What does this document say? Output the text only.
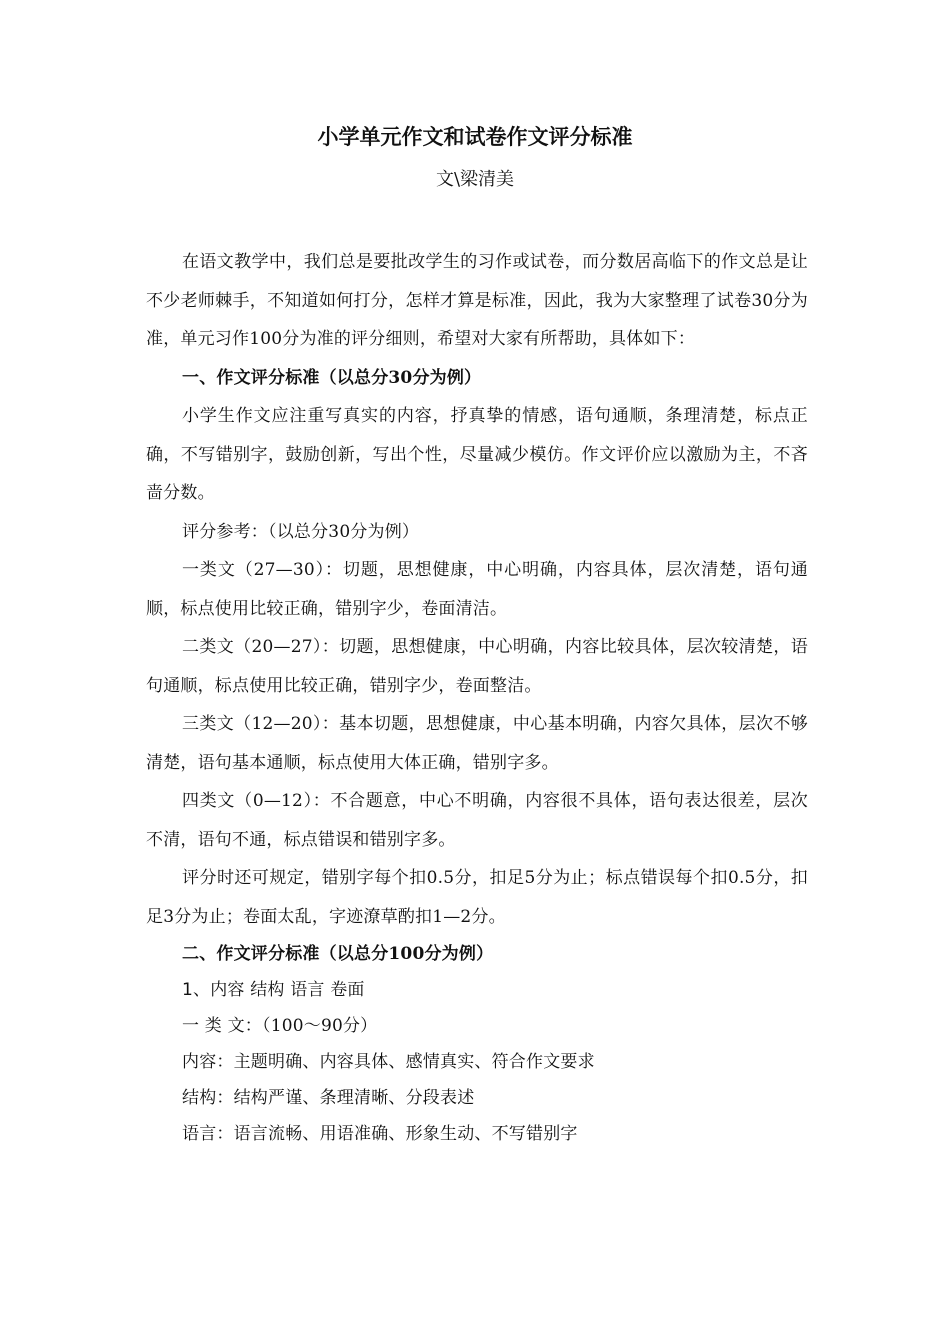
小学单元作文和试卷作文评分标准
文\梁清美

在语文教学中，我们总是要批改学生的习作或试卷，而分数居高临下的作文总是让不少老师棘手，不知道如何打分，怎样才算是标准，因此，我为大家整理了试卷30分为准，单元习作100分为准的评分细则，希望对大家有所帮助，具体如下：

一、作文评分标准（以总分30分为例）

小学生作文应注重写真实的内容，抒真挚的情感，语句通顺，条理清楚，标点正确，不写错别字，鼓励创新，写出个性，尽量减少模仿。作文评价应以激励为主，不吝啬分数。

评分参考：（以总分30分为例）

一类文（27—30）：切题，思想健康，中心明确，内容具体，层次清楚，语句通顺，标点使用比较正确，错别字少，卷面清洁。

二类文（20—27）：切题，思想健康，中心明确，内容比较具体，层次较清楚，语句通顺，标点使用比较正确，错别字少，卷面整洁。

三类文（12—20）：基本切题，思想健康，中心基本明确，内容欠具体，层次不够清楚，语句基本通顺，标点使用大体正确，错别字多。

四类文（0—12）：不合题意，中心不明确，内容很不具体，语句表达很差，层次不清，语句不通，标点错误和错别字多。

评分时还可规定，错别字每个扣0.5分，扣足5分为止；标点错误每个扣0.5分，扣足3分为止；卷面太乱，字迹潦草酌扣1—2分。

二、作文评分标准（以总分100分为例）

1、内容 结构 语言 卷面

一 类 文：（100～90分）

内容：主题明确、内容具体、感情真实、符合作文要求

结构：结构严谨、条理清晰、分段表述

语言：语言流畅、用语准确、形象生动、不写错别字
